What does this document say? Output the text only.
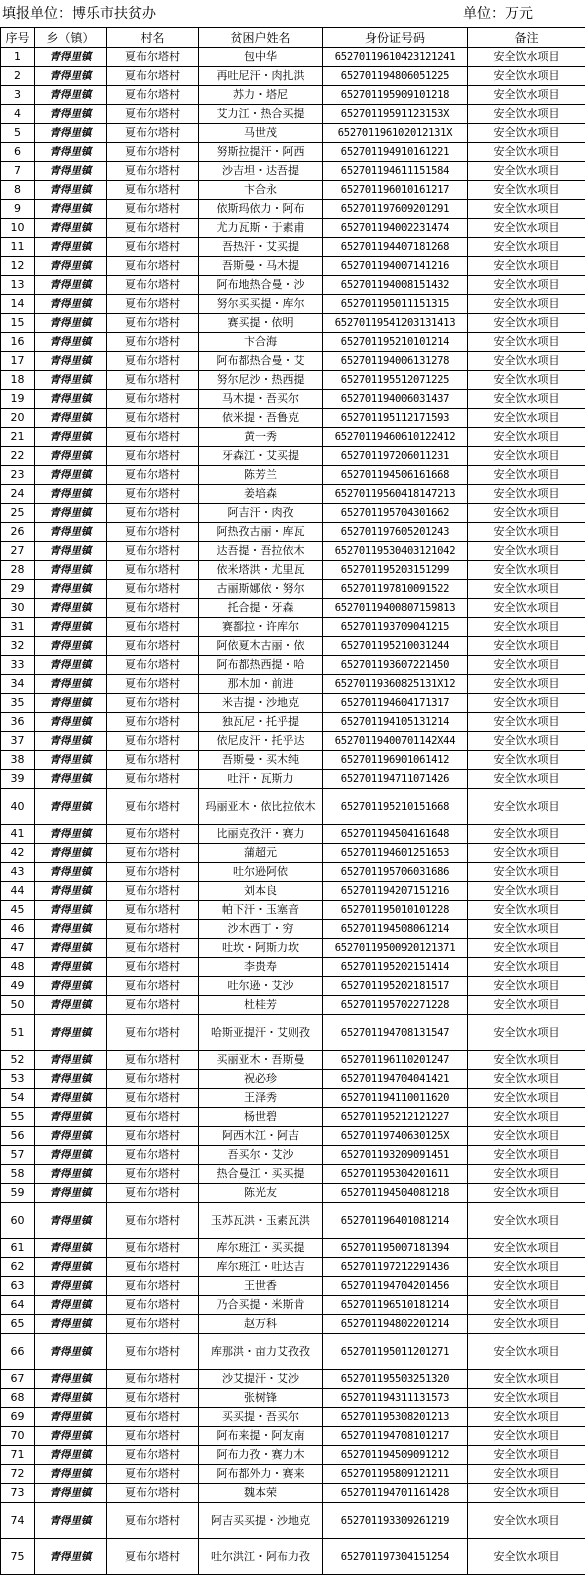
填报单位：博乐市扶贫办	单位：万元
序号	乡（镇）	村名	贫困户姓名	身份证号码	备注
1	青得里镇	夏布尔塔村	包中华	65270119610423121241	安全饮水项目
2	青得里镇	夏布尔塔村	再吐尼汗・肉扎洪	652701194806051225	安全饮水项目
3	青得里镇	夏布尔塔村	苏力・塔尼	652701195909101218	安全饮水项目
4	青得里镇	夏布尔塔村	艾力江・热合买提	65270119591123153X	安全饮水项目
5	青得里镇	夏布尔塔村	马世茂	652701196102012131X	安全饮水项目
6	青得里镇	夏布尔塔村	努斯拉提汗・阿西	652701194910161221	安全饮水项目
7	青得里镇	夏布尔塔村	沙吉坦・达吾提	652701194611151584	安全饮水项目
8	青得里镇	夏布尔塔村	卞合永	652701196010161217	安全饮水项目
9	青得里镇	夏布尔塔村	依斯玛依力・阿布	652701197609201291	安全饮水项目
10	青得里镇	夏布尔塔村	尤力瓦斯・于素甫	652701194002231474	安全饮水项目
11	青得里镇	夏布尔塔村	吾热汗・艾买提	652701194407181268	安全饮水项目
12	青得里镇	夏布尔塔村	吾斯曼・马木提	652701194007141216	安全饮水项目
13	青得里镇	夏布尔塔村	阿布地热合曼・沙	652701194008151432	安全饮水项目
14	青得里镇	夏布尔塔村	努尔买买提・库尔	652701195011151315	安全饮水项目
15	青得里镇	夏布尔塔村	赛买提・依明	65270119541203131413	安全饮水项目
16	青得里镇	夏布尔塔村	卞合海	652701195210101214	安全饮水项目
17	青得里镇	夏布尔塔村	阿布都热合曼・艾	652701194006131278	安全饮水项目
18	青得里镇	夏布尔塔村	努尔尼沙・热西提	652701195512071225	安全饮水项目
19	青得里镇	夏布尔塔村	马木提・吾买尔	652701194006031437	安全饮水项目
20	青得里镇	夏布尔塔村	依米提・吾鲁克	652701195112171593	安全饮水项目
21	青得里镇	夏布尔塔村	黄一秀	65270119460610122412	安全饮水项目
22	青得里镇	夏布尔塔村	牙森江・艾买提	652701197206011231	安全饮水项目
23	青得里镇	夏布尔塔村	陈芳兰	652701194506161668	安全饮水项目
24	青得里镇	夏布尔塔村	姜培森	65270119560418147213	安全饮水项目
25	青得里镇	夏布尔塔村	阿吉汗・肉孜	652701195704301662	安全饮水项目
26	青得里镇	夏布尔塔村	阿热孜古丽・库瓦	652701197605201243	安全饮水项目
27	青得里镇	夏布尔塔村	达吾提・吾拉依木	65270119530403121042	安全饮水项目
28	青得里镇	夏布尔塔村	依米塔洪・尤里瓦	652701195203151299	安全饮水项目
29	青得里镇	夏布尔塔村	古丽斯娜依・努尔	652701197810091522	安全饮水项目
30	青得里镇	夏布尔塔村	托合提・牙森	65270119400807159813	安全饮水项目
31	青得里镇	夏布尔塔村	赛都拉・许库尔	652701193709041215	安全饮水项目
32	青得里镇	夏布尔塔村	阿依夏木古丽・依	652701195210031244	安全饮水项目
33	青得里镇	夏布尔塔村	阿布都热西提・哈	652701193607221450	安全饮水项目
34	青得里镇	夏布尔塔村	那木加・前进	65270119360825131X12	安全饮水项目
35	青得里镇	夏布尔塔村	米吉提・沙地克	652701194604171317	安全饮水项目
36	青得里镇	夏布尔塔村	独瓦尼・托乎提	652701194105131214	安全饮水项目
37	青得里镇	夏布尔塔村	依尼皮汗・托乎达	65270119400701142X44	安全饮水项目
38	青得里镇	夏布尔塔村	吾斯曼・买木纯	652701196901061412	安全饮水项目
39	青得里镇	夏布尔塔村	吐汗・瓦斯力	652701194711071426	安全饮水项目
40	青得里镇	夏布尔塔村	玛丽亚木・依比拉依木	652701195210151668	安全饮水项目
41	青得里镇	夏布尔塔村	比丽克孜汗・赛力	652701194504161648	安全饮水项目
42	青得里镇	夏布尔塔村	蒲超元	652701194601251653	安全饮水项目
43	青得里镇	夏布尔塔村	吐尔逊阿依	652701195706031686	安全饮水项目
44	青得里镇	夏布尔塔村	刘本良	652701194207151216	安全饮水项目
45	青得里镇	夏布尔塔村	帕下汗・玉塞音	652701195010101228	安全饮水项目
46	青得里镇	夏布尔塔村	沙木西丁・穷	652701194508061214	安全饮水项目
47	青得里镇	夏布尔塔村	吐坎・阿斯力坎	65270119500920121371	安全饮水项目
48	青得里镇	夏布尔塔村	李贵寿	652701195202151414	安全饮水项目
49	青得里镇	夏布尔塔村	吐尔逊・艾沙	652701195202181517	安全饮水项目
50	青得里镇	夏布尔塔村	杜桂芳	652701195702271228	安全饮水项目
51	青得里镇	夏布尔塔村	哈斯亚提汗・艾则孜	652701194708131547	安全饮水项目
52	青得里镇	夏布尔塔村	买丽亚木・吾斯曼	652701196110201247	安全饮水项目
53	青得里镇	夏布尔塔村	祝必珍	652701194704041421	安全饮水项目
54	青得里镇	夏布尔塔村	王泽秀	652701194110011620	安全饮水项目
55	青得里镇	夏布尔塔村	杨世碧	652701195212121227	安全饮水项目
56	青得里镇	夏布尔塔村	阿西木江・阿吉	65270119740630125X	安全饮水项目
57	青得里镇	夏布尔塔村	吾买尔・艾沙	652701193209091451	安全饮水项目
58	青得里镇	夏布尔塔村	热合曼江・买买提	652701195304201611	安全饮水项目
59	青得里镇	夏布尔塔村	陈光友	652701194504081218	安全饮水项目
60	青得里镇	夏布尔塔村	玉苏瓦洪・玉素瓦洪	652701196401081214	安全饮水项目
61	青得里镇	夏布尔塔村	库尔班江・买买提	652701195007181394	安全饮水项目
62	青得里镇	夏布尔塔村	库尔班江・吐达吉	652701197212291436	安全饮水项目
63	青得里镇	夏布尔塔村	王世香	652701194704201456	安全饮水项目
64	青得里镇	夏布尔塔村	乃合买提・米斯肯	652701196510181214	安全饮水项目
65	青得里镇	夏布尔塔村	赵万科	652701194802201214	安全饮水项目
66	青得里镇	夏布尔塔村	库那洪・亩力艾孜孜	652701195011201271	安全饮水项目
67	青得里镇	夏布尔塔村	沙艾提汗・艾沙	652701195503251320	安全饮水项目
68	青得里镇	夏布尔塔村	张树锋	652701194311131573	安全饮水项目
69	青得里镇	夏布尔塔村	买买提・吾买尔	652701195308201213	安全饮水项目
70	青得里镇	夏布尔塔村	阿布来提・阿友南	652701194708101217	安全饮水项目
71	青得里镇	夏布尔塔村	阿布力孜・赛力木	652701194509091212	安全饮水项目
72	青得里镇	夏布尔塔村	阿布都外力・赛来	652701195809121211	安全饮水项目
73	青得里镇	夏布尔塔村	魏本荣	652701194701161428	安全饮水项目
74	青得里镇	夏布尔塔村	阿吉买买提・沙地克	652701193309261219	安全饮水项目
75	青得里镇	夏布尔塔村	吐尔洪江・阿布力孜	652701197304151254	安全饮水项目
